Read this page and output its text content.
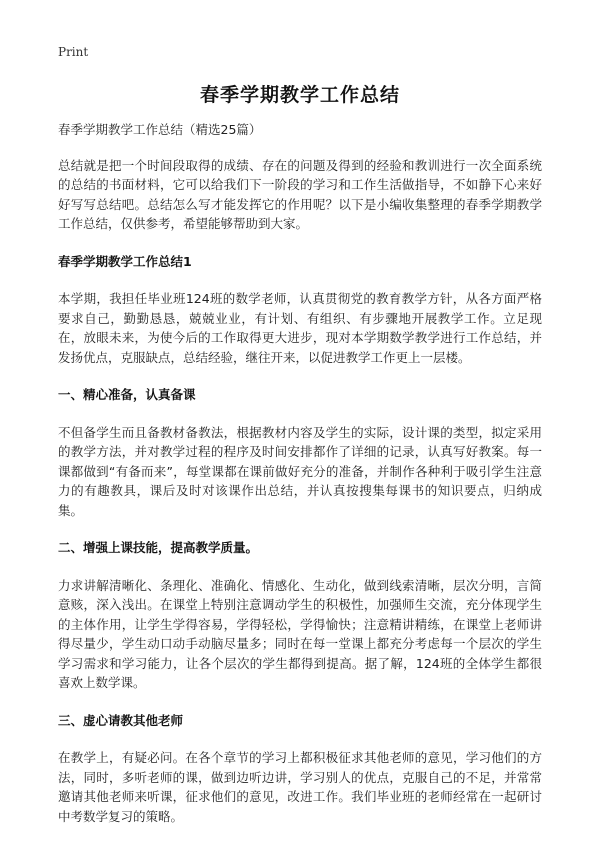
Print
春季学期教学工作总结

春季学期教学工作总结（精选25篇）

总结就是把一个时间段取得的成绩、存在的问题及得到的经验和教训进行一次全面系统的总结的书面材料，它可以给我们下一阶段的学习和工作生活做指导，不如静下心来好好写写总结吧。总结怎么写才能发挥它的作用呢？以下是小编收集整理的春季学期教学工作总结，仅供参考，希望能够帮助到大家。

春季学期教学工作总结1

本学期，我担任毕业班124班的数学老师，认真贯彻党的教育教学方针，从各方面严格要求自己，勤勤恳恳，兢兢业业，有计划、有组织、有步骤地开展教学工作。立足现在，放眼未来，为使今后的工作取得更大进步，现对本学期数学教学进行工作总结，并发扬优点，克服缺点，总结经验，继往开来，以促进教学工作更上一层楼。

一、精心准备，认真备课

不但备学生而且备教材备教法，根据教材内容及学生的实际，设计课的类型，拟定采用的教学方法，并对教学过程的程序及时间安排都作了详细的记录，认真写好教案。每一课都做到“有备而来”，每堂课都在课前做好充分的准备，并制作各种利于吸引学生注意力的有趣教具，课后及时对该课作出总结，并认真按搜集每课书的知识要点，归纳成集。

二、增强上课技能，提高教学质量。

力求讲解清晰化、条理化、准确化、情感化、生动化，做到线索清晰，层次分明，言简意赅，深入浅出。在课堂上特别注意调动学生的积极性，加强师生交流，充分体现学生的主体作用，让学生学得容易，学得轻松，学得愉快；注意精讲精练，在课堂上老师讲得尽量少，学生动口动手动脑尽量多；同时在每一堂课上都充分考虑每一个层次的学生学习需求和学习能力，让各个层次的学生都得到提高。据了解，124班的全体学生都很喜欢上数学课。

三、虚心请教其他老师

在教学上，有疑必问。在各个章节的学习上都积极征求其他老师的意见，学习他们的方法，同时，多听老师的课，做到边听边讲，学习别人的优点，克服自己的不足，并常常邀请其他老师来听课，征求他们的意见，改进工作。我们毕业班的老师经常在一起研讨中考数学复习的策略。
